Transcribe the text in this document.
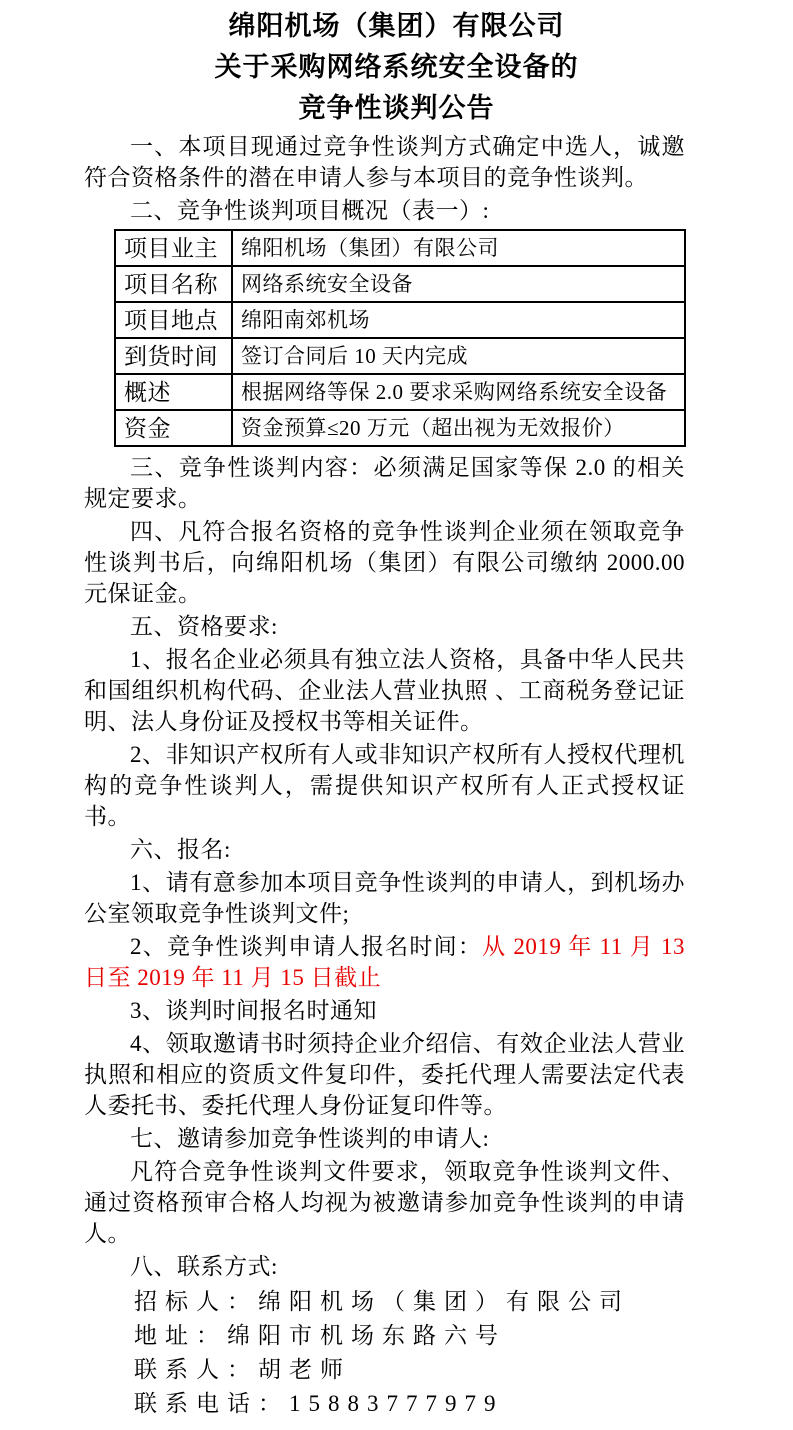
绵阳机场（集团）有限公司
关于采购网络系统安全设备的
竞争性谈判公告

一、本项目现通过竞争性谈判方式确定中选人，诚邀符合资格条件的潜在申请人参与本项目的竞争性谈判。

二、竞争性谈判项目概况（表一）:

项目业主	绵阳机场（集团）有限公司
项目名称	网络系统安全设备
项目地点	绵阳南郊机场
到货时间	签订合同后 10 天内完成
概述	根据网络等保 2.0 要求采购网络系统安全设备
资金	资金预算≤20 万元（超出视为无效报价）

三、竞争性谈判内容：必须满足国家等保 2.0 的相关规定要求。

四、凡符合报名资格的竞争性谈判企业须在领取竞争性谈判书后，向绵阳机场（集团）有限公司缴纳 2000.00 元保证金。

五、资格要求:

1、报名企业必须具有独立法人资格，具备中华人民共和国组织机构代码、企业法人营业执照 、工商税务登记证明、法人身份证及授权书等相关证件。

2、非知识产权所有人或非知识产权所有人授权代理机构的竞争性谈判人，需提供知识产权所有人正式授权证书。

六、报名:

1、请有意参加本项目竞争性谈判的申请人，到机场办公室领取竞争性谈判文件;

2、竞争性谈判申请人报名时间：从 2019 年 11 月 13 日至 2019 年 11 月 15 日截止

3、谈判时间报名时通知

4、领取邀请书时须持企业介绍信、有效企业法人营业执照和相应的资质文件复印件，委托代理人需要法定代表人委托书、委托代理人身份证复印件等。

七、邀请参加竞争性谈判的申请人:

凡符合竞争性谈判文件要求，领取竞争性谈判文件、通过资格预审合格人均视为被邀请参加竞争性谈判的申请人。

八、联系方式:

招标人：绵阳机场（集团）有限公司

地址：绵阳市机场东路六号

联系人：胡老师

联系电话：15883777979
